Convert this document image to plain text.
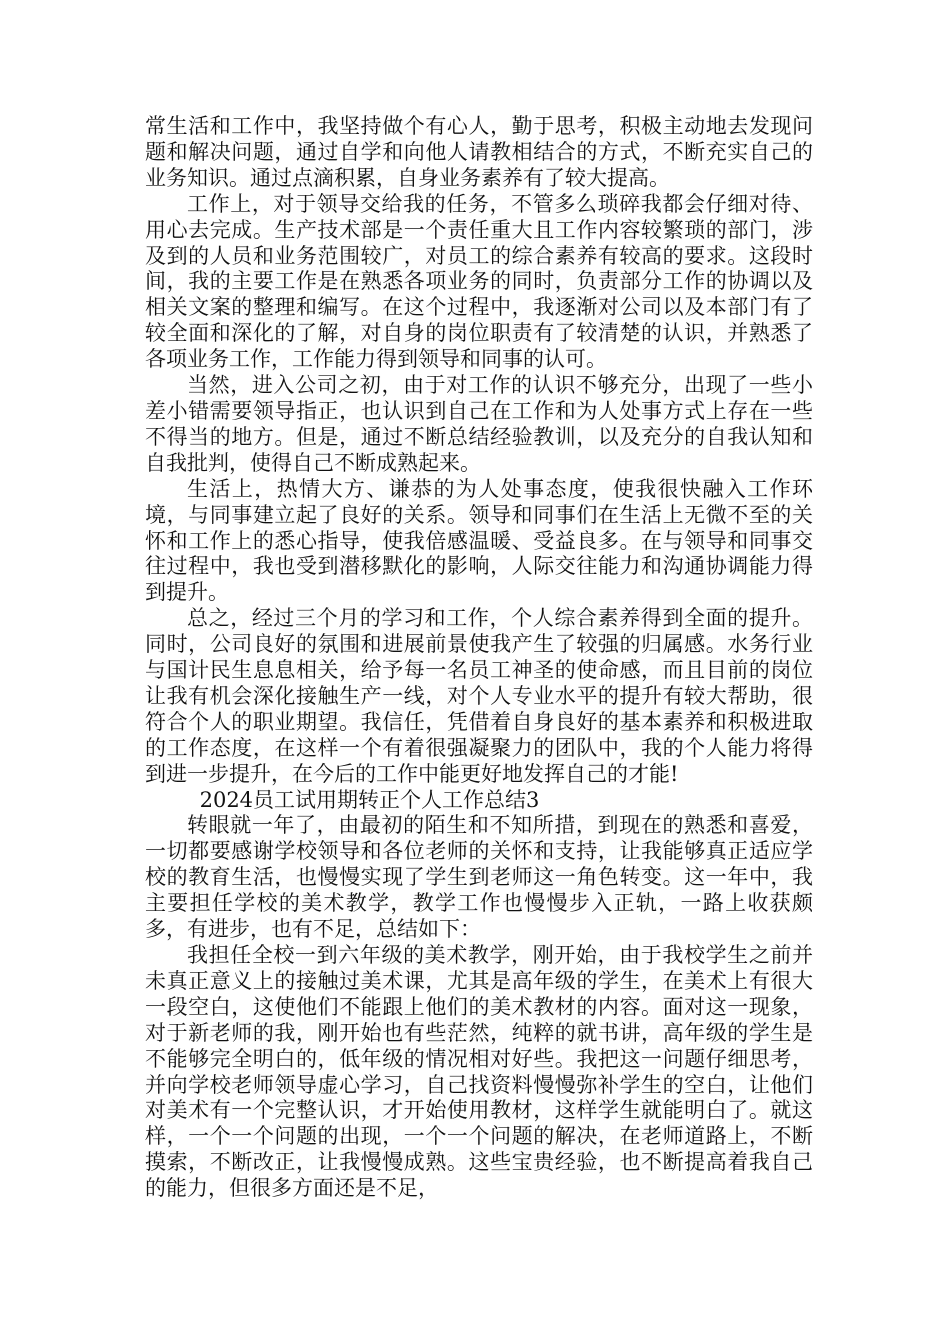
常生活和工作中，我坚持做个有心人，勤于思考，积极主动地去发现问题和解决问题，通过自学和向他人请教相结合的方式，不断充实自己的业务知识。通过点滴积累，自身业务素养有了较大提高。

工作上，对于领导交给我的任务，不管多么琐碎我都会仔细对待、用心去完成。生产技术部是一个责任重大且工作内容较繁琐的部门，涉及到的人员和业务范围较广，对员工的综合素养有较高的要求。这段时间，我的主要工作是在熟悉各项业务的同时，负责部分工作的协调以及相关文案的整理和编写。在这个过程中，我逐渐对公司以及本部门有了较全面和深化的了解，对自身的岗位职责有了较清楚的认识，并熟悉了各项业务工作，工作能力得到领导和同事的认可。

当然，进入公司之初，由于对工作的认识不够充分，出现了一些小差小错需要领导指正，也认识到自己在工作和为人处事方式上存在一些不得当的地方。但是，通过不断总结经验教训，以及充分的自我认知和自我批判，使得自己不断成熟起来。

生活上，热情大方、谦恭的为人处事态度，使我很快融入工作环境，与同事建立起了良好的关系。领导和同事们在生活上无微不至的关怀和工作上的悉心指导，使我倍感温暖、受益良多。在与领导和同事交往过程中，我也受到潜移默化的影响，人际交往能力和沟通协调能力得到提升。

总之，经过三个月的学习和工作，个人综合素养得到全面的提升。同时，公司良好的氛围和进展前景使我产生了较强的归属感。水务行业与国计民生息息相关，给予每一名员工神圣的使命感，而且目前的岗位让我有机会深化接触生产一线，对个人专业水平的提升有较大帮助，很符合个人的职业期望。我信任，凭借着自身良好的基本素养和积极进取的工作态度，在这样一个有着很强凝聚力的团队中，我的个人能力将得到进一步提升，在今后的工作中能更好地发挥自己的才能!

2024员工试用期转正个人工作总结3

转眼就一年了，由最初的陌生和不知所措，到现在的熟悉和喜爱，一切都要感谢学校领导和各位老师的关怀和支持，让我能够真正适应学校的教育生活，也慢慢实现了学生到老师这一角色转变。这一年中，我主要担任学校的美术教学，教学工作也慢慢步入正轨，一路上收获颇多，有进步，也有不足，总结如下：

我担任全校一到六年级的美术教学，刚开始，由于我校学生之前并未真正意义上的接触过美术课，尤其是高年级的学生，在美术上有很大一段空白，这使他们不能跟上他们的美术教材的内容。面对这一现象，对于新老师的我，刚开始也有些茫然，纯粹的就书讲，高年级的学生是不能够完全明白的，低年级的情况相对好些。我把这一问题仔细思考，并向学校老师领导虚心学习，自己找资料慢慢弥补学生的空白，让他们对美术有一个完整认识，才开始使用教材，这样学生就能明白了。就这样，一个一个问题的出现，一个一个问题的解决，在老师道路上，不断摸索，不断改正，让我慢慢成熟。这些宝贵经验，也不断提高着我自己的能力，但很多方面还是不足，
